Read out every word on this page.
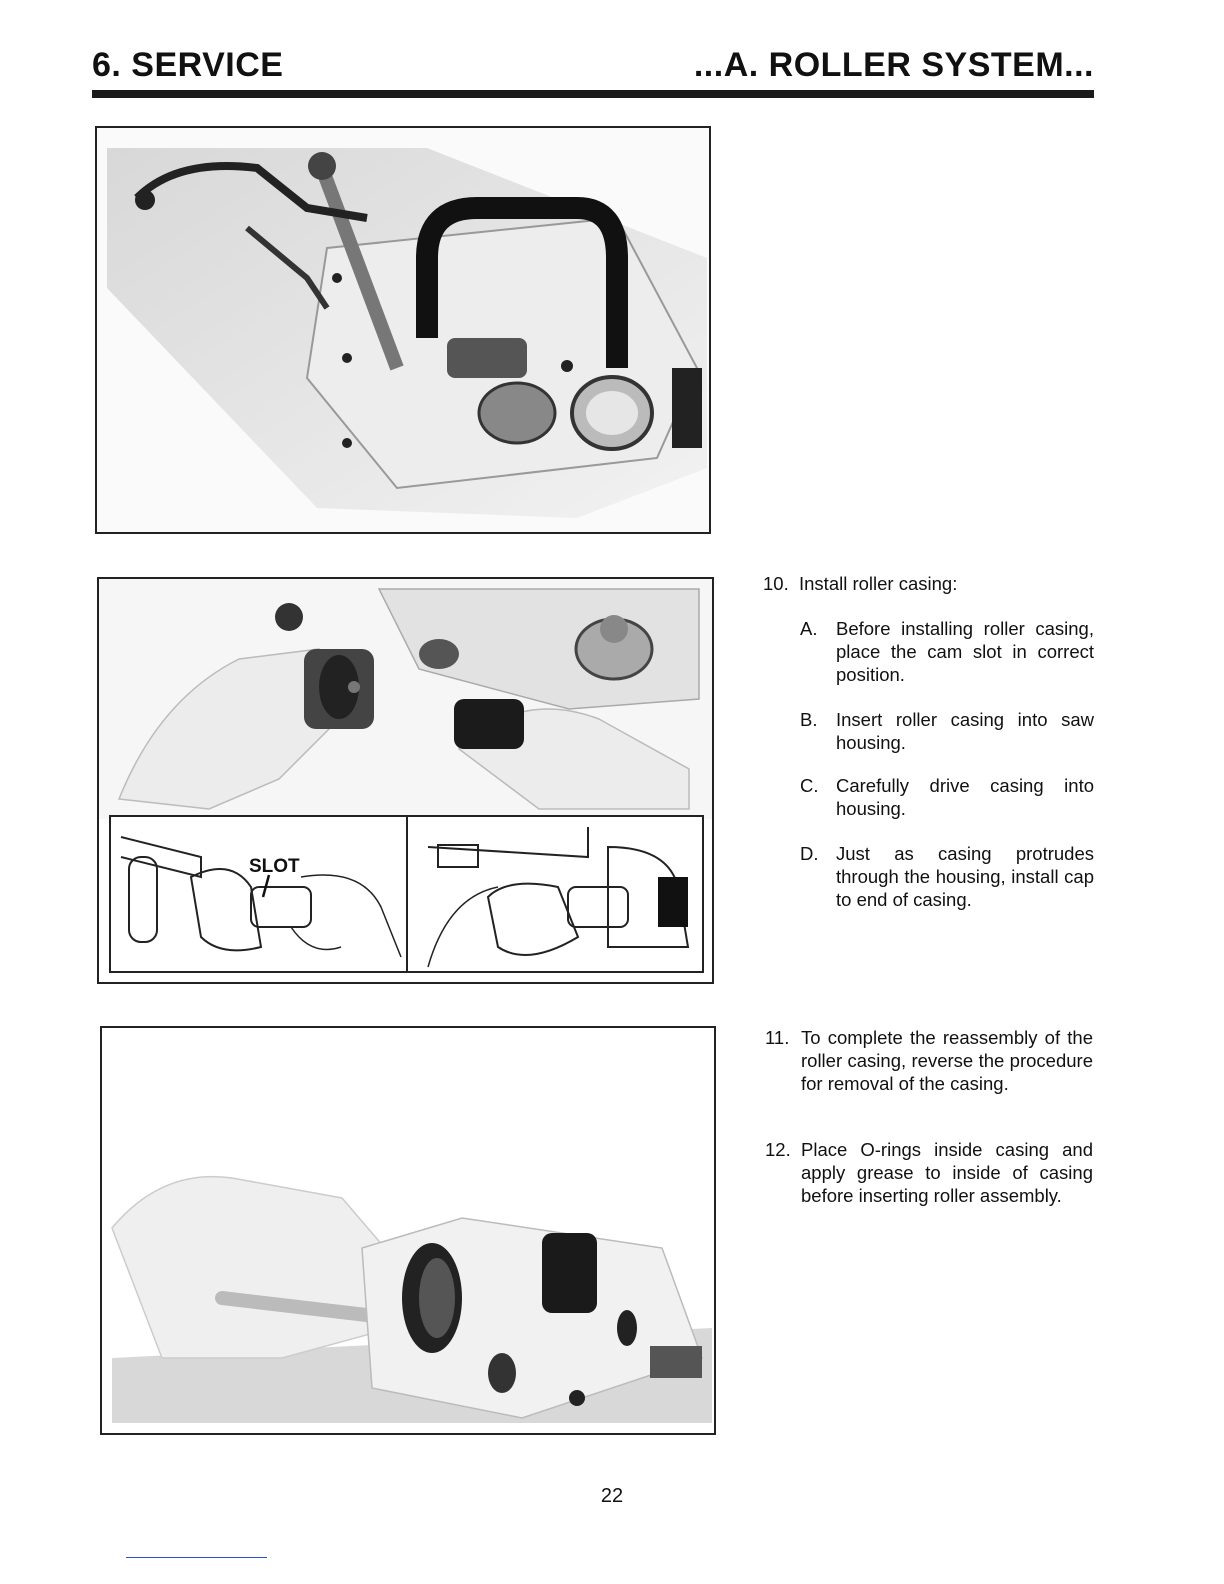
6. SERVICE	...A. ROLLER SYSTEM...
SLOT
10. Install roller casing:
A. Before installing roller casing, place the cam slot in correct position.
B. Insert roller casing into saw housing.
C. Carefully drive casing into housing.
D. Just as casing protrudes through the housing, install cap to end of casing.
11. To complete the reassembly of the roller casing, reverse the procedure for removal of the casing.
12. Place O-rings inside casing and apply grease to inside of casing before inserting roller assembly.
22
